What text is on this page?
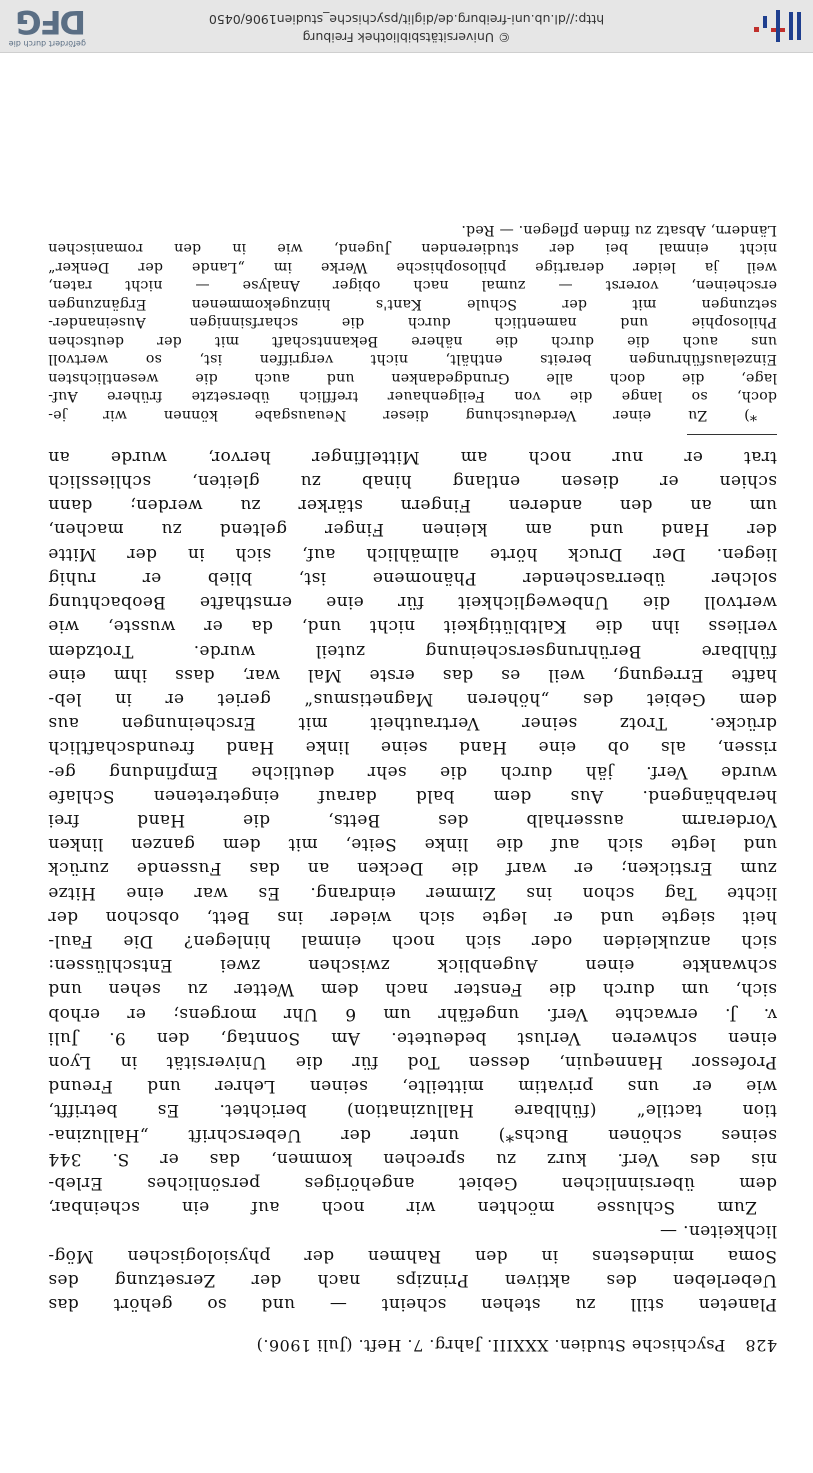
428 Psychische Studien. XXXIII. Jahrg. 7. Heft. (Juli 1906.)
Planeten still zu stehen scheint — und so gehört das
Ueberleben des aktiven Prinzips nach der Zersetzung des
Soma mindestens in den Rahmen der physiologischen Mög-
lichkeiten. —
Zum Schlusse möchten wir noch auf ein scheinbar,
dem übersinnlichen Gebiet angehöriges persönliches Erleb-
nis des Verf. kurz zu sprechen kommen, das er S. 344
seines schönen Buchs*) unter der Ueberschrift „Halluzina-
tion tactile“ (fühlbare Halluzination) berichtet. Es betrifft,
wie er uns privatim mitteilte, seinen Lehrer und Freund
Professor Hannequin, dessen Tod für die Universität in Lyon
einen schweren Verlust bedeutete. Am Sonntag, den 9. Juli
v. J. erwachte Verf. ungefähr um 6 Uhr morgens; er erhob
sich, um durch die Fenster nach dem Wetter zu sehen und
schwankte einen Augenblick zwischen zwei Entschlüssen:
sich anzukleiden oder sich noch einmal hinlegen? Die Faul-
heit siegte und er legte sich wieder ins Bett, obschon der
lichte Tag schon ins Zimmer eindrang. Es war eine Hitze
zum Ersticken; er warf die Decken an das Fussende zurück
und legte sich auf die linke Seite, mit dem ganzen linken
Vorderarm ausserhalb des Betts, die Hand frei
herabhängend. Aus dem bald darauf eingetretenen Schlafe
wurde Verf. jäh durch die sehr deutliche Empfindung ge-
rissen, als ob eine Hand seine linke Hand freundschaftlich
drücke. Trotz seiner Vertrautheit mit Erscheinungen aus
dem Gebiet des „höheren Magnetismus“ geriet er in leb-
hafte Erregung, weil es das erste Mal war, dass ihm eine
fühlbare Berührungserscheinung zuteil wurde. Trotzdem
verliess ihn die Kaltblütigkeit nicht und, da er wusste, wie
wertvoll die Unbeweglichkeit für eine ernsthafte Beobachtung
solcher überraschender Phänomene ist, blieb er ruhig
liegen. Der Druck hörte allmählich auf, sich in der Mitte
der Hand und am kleinen Finger geltend zu machen,
um an den anderen Fingern stärker zu werden; dann
schien er diesen entlang hinab zu gleiten, schliesslich
trat er nur noch am Mittelfinger hervor, wurde an
*) Zu einer Verdeutschung dieser Neuausgabe können wir je-
doch, so lange die von Feilgenhauer trefflich übersetzte frühere Auf-
lage, die doch alle Grundgedanken und auch die wesentlichsten
Einzelausführungen bereits enthält, nicht vergriffen ist, so wertvoll
uns auch die durch die nähere Bekanntschaft mit der deutschen
Philosophie und namentlich durch die scharfsinnigen Auseinander-
setzungen mit der Schule Kant's hinzugekommenen Ergänzungen
erscheinen, vorerst — zumal nach obiger Analyse — nicht raten,
weil ja leider derartige philosophische Werke im „Lande der Denker“
nicht einmal bei der studierenden Jugend, wie in den romanischen
Ländern, Absatz zu finden pflegen. — Red.
© Universitätsbibliothek Freiburg
http://dl.ub.uni-freiburg.de/diglit/psychische_studien1906/0450
gefördert durch die
DFG
